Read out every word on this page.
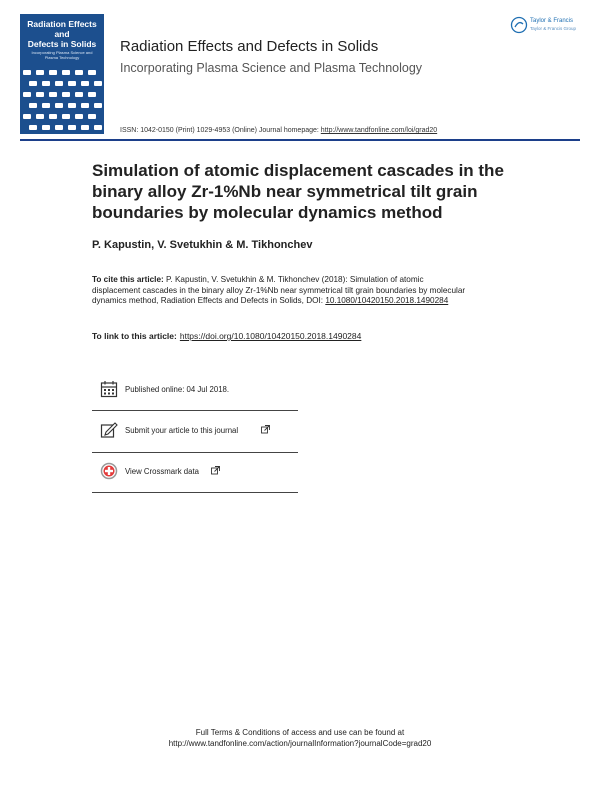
Radiation Effects and
Defects in Solids
Incorporating Plasma Science and
Plasma Technology
Radiation Effects and Defects in Solids
Incorporating Plasma Science and Plasma Technology
Taylor & Francis
Taylor & Francis Group
ISSN: 1042-0150 (Print) 1029-4953 (Online) Journal homepage: http://www.tandfonline.com/loi/grad20
Simulation of atomic displacement cascades in the binary alloy Zr-1%Nb near symmetrical tilt grain boundaries by molecular dynamics method
P. Kapustin, V. Svetukhin & M. Tikhonchev
To cite this article: P. Kapustin, V. Svetukhin & M. Tikhonchev (2018): Simulation of atomic displacement cascades in the binary alloy Zr-1%Nb near symmetrical tilt grain boundaries by molecular dynamics method, Radiation Effects and Defects in Solids, DOI: 10.1080/10420150.2018.1490284
To link to this article: https://doi.org/10.1080/10420150.2018.1490284
Published online: 04 Jul 2018.
Submit your article to this journal
View Crossmark data
Full Terms & Conditions of access and use can be found at
http://www.tandfonline.com/action/journalInformation?journalCode=grad20
